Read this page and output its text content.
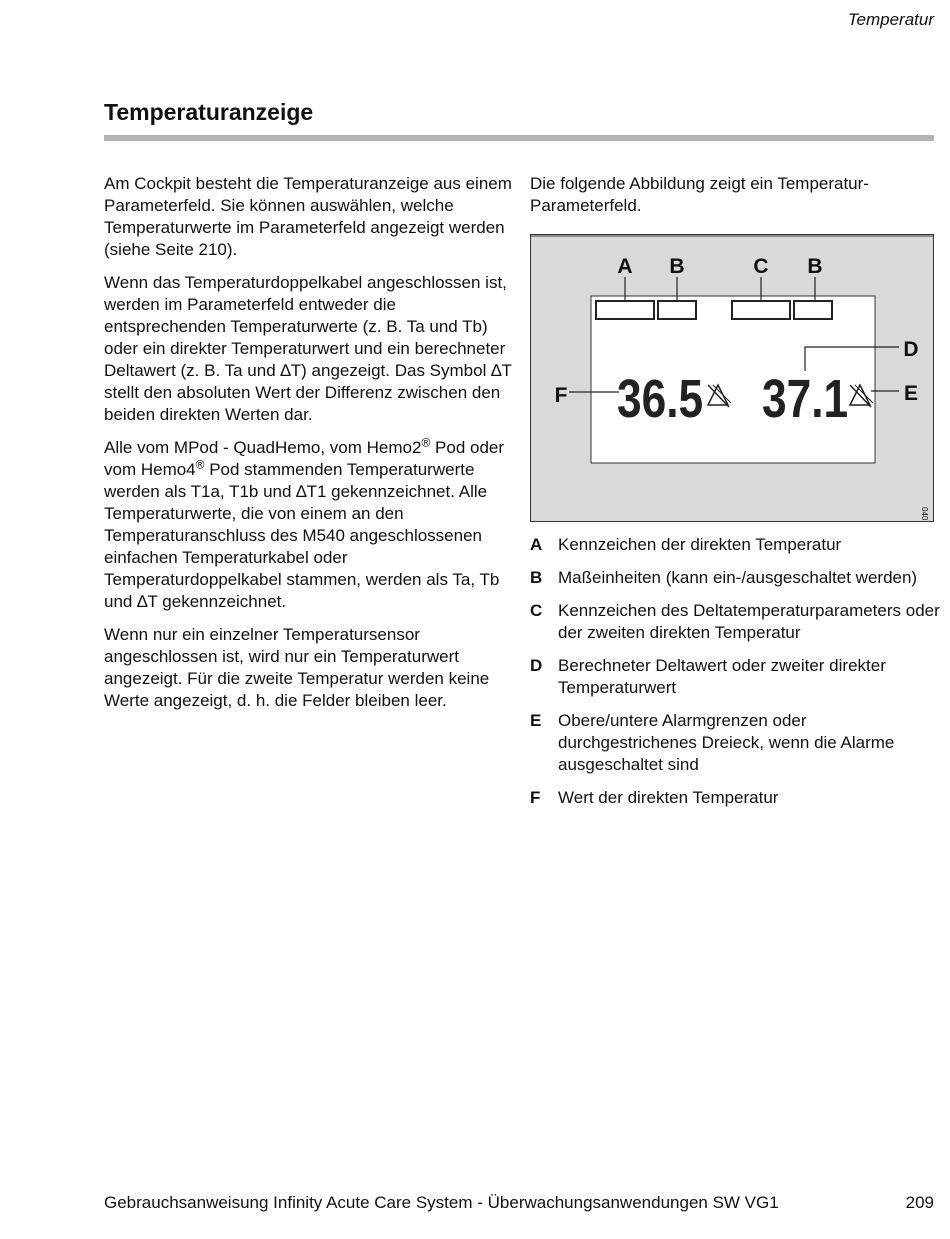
Temperatur
Temperaturanzeige

Am Cockpit besteht die Temperaturanzeige aus einem Parameterfeld. Sie können auswählen, welche Temperaturwerte im Parameterfeld angezeigt werden (siehe Seite 210).

Wenn das Temperaturdoppelkabel angeschlossen ist, werden im Parameterfeld entweder die entsprechenden Temperaturwerte (z. B. Ta und Tb) oder ein direkter Temperaturwert und ein berechneter Deltawert (z. B. Ta und ∆T) angezeigt. Das Symbol ∆T stellt den absoluten Wert der Differenz zwischen den beiden direkten Werten dar.

Alle vom MPod - QuadHemo, vom Hemo2® Pod oder vom Hemo4® Pod stammenden Temperaturwerte werden als T1a, T1b und ∆T1 gekennzeichnet. Alle Temperaturwerte, die von einem an den Temperaturanschluss des M540 angeschlossenen einfachen Temperaturkabel oder Temperaturdoppelkabel stammen, werden als Ta, Tb und ∆T gekennzeichnet.

Wenn nur ein einzelner Temperatursensor angeschlossen ist, wird nur ein Temperaturwert angezeigt. Für die zweite Temperatur werden keine Werte angezeigt, d. h. die Felder bleiben leer.

Die folgende Abbildung zeigt ein Temperatur-Parameterfeld.

A B	C B
D
E
F 36.5 37.1
040
A Kennzeichen der direkten Temperatur
B Maßeinheiten (kann ein-/ausgeschaltet werden)
C Kennzeichen des Deltatemperaturparameters oder der zweiten direkten Temperatur
D Berechneter Deltawert oder zweiter direkter Temperaturwert
E Obere/untere Alarmgrenzen oder durchgestrichenes Dreieck, wenn die Alarme ausgeschaltet sind
F	Wert der direkten Temperatur
Gebrauchsanweisung Infinity Acute Care System - Überwachungsanwendungen SW VG1	209
